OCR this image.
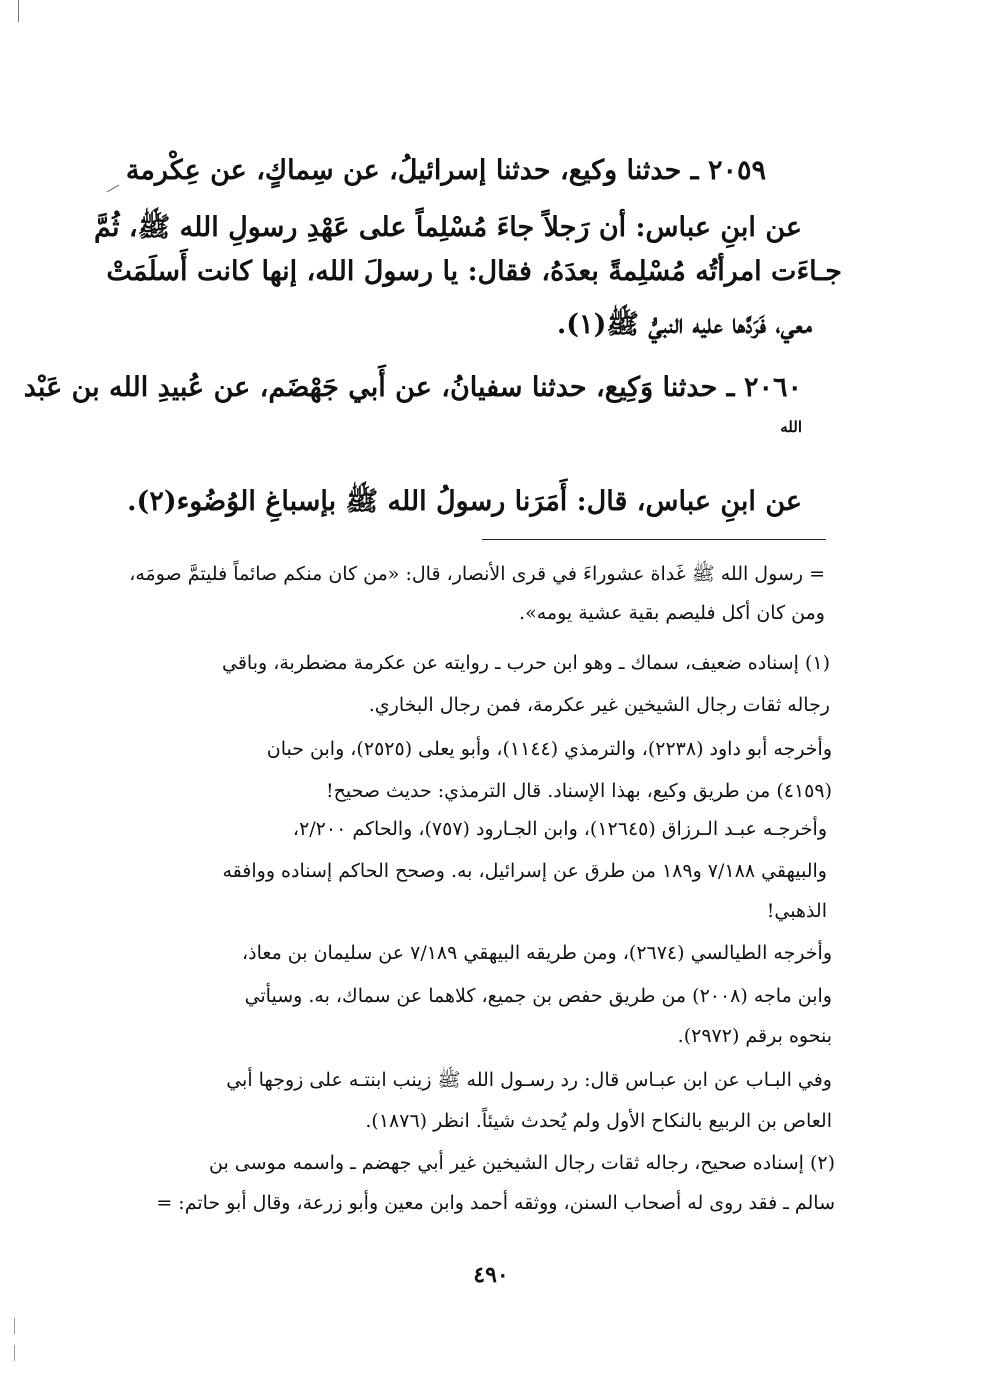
٢٠٥٩ ـ حدثنا وكيع، حدثنا إسرائيلُ، عن سِماكٍ، عن عِكْرمة
عن ابنِ عباس: أن رَجلاً جاءَ مُسْلِماً على عَهْدِ رسولِ الله ﷺ، ثُمَّ
جـاءَت امرأتُه مُسْلِمةً بعدَهُ، فقال: يا رسولَ الله، إنها كانت أَسلَمَتْ
معي، فَرَدَّها عليه النبيُّ ﷺ(١).
٢٠٦٠ ـ حدثنا وَكِيع، حدثنا سفيانُ، عن أَبي جَهْضَم، عن عُبيدِ الله بن عَبْد
الله
عن ابنِ عباس، قال: أَمَرَنا رسولُ الله ﷺ بإسباغِ الوُضُوء(٢).
= رسول الله ﷺ غَداة عشوراءَ في قرى الأنصار، قال: «من كان منكم صائماً فليتمَّ صومَه،
ومن كان أكل فليصم بقية عشية يومه».
(١) إسناده ضعيف، سماك ـ وهو ابن حرب ـ روايته عن عكرمة مضطربة، وباقي
رجاله ثقات رجال الشيخين غير عكرمة، فمن رجال البخاري.
وأخرجه أبو داود (٢٢٣٨)، والترمذي (١١٤٤)، وأبو يعلى (٢٥٢٥)، وابن حبان
(٤١٥٩) من طريق وكيع، بهذا الإسناد. قال الترمذي: حديث صحيح!
وأخرجـه عبـد الـرزاق (١٢٦٤٥)، وابن الجـارود (٧٥٧)، والحاكم ٢/٢٠٠،
والبيهقي ٧/١٨٨ و١٨٩ من طرق عن إسرائيل، به. وصحح الحاكم إسناده ووافقه
الذهبي!
وأخرجه الطيالسي (٢٦٧٤)، ومن طريقه البيهقي ٧/١٨٩ عن سليمان بن معاذ،
وابن ماجه (٢٠٠٨) من طريق حفص بن جميع، كلاهما عن سماك، به. وسيأتي
بنحوه برقم (٢٩٧٢).
وفي البـاب عن ابن عبـاس قال: رد رسـول الله ﷺ زينب ابنتـه على زوجها أبي
العاص بن الربيع بالنكاح الأول ولم يُحدث شيئاً. انظر (١٨٧٦).
(٢) إسناده صحيح، رجاله ثقات رجال الشيخين غير أبي جهضم ـ واسمه موسى بن
سالم ـ فقد روى له أصحاب السنن، ووثقه أحمد وابن معين وأبو زرعة، وقال أبو حاتم: =
٤٩٠
